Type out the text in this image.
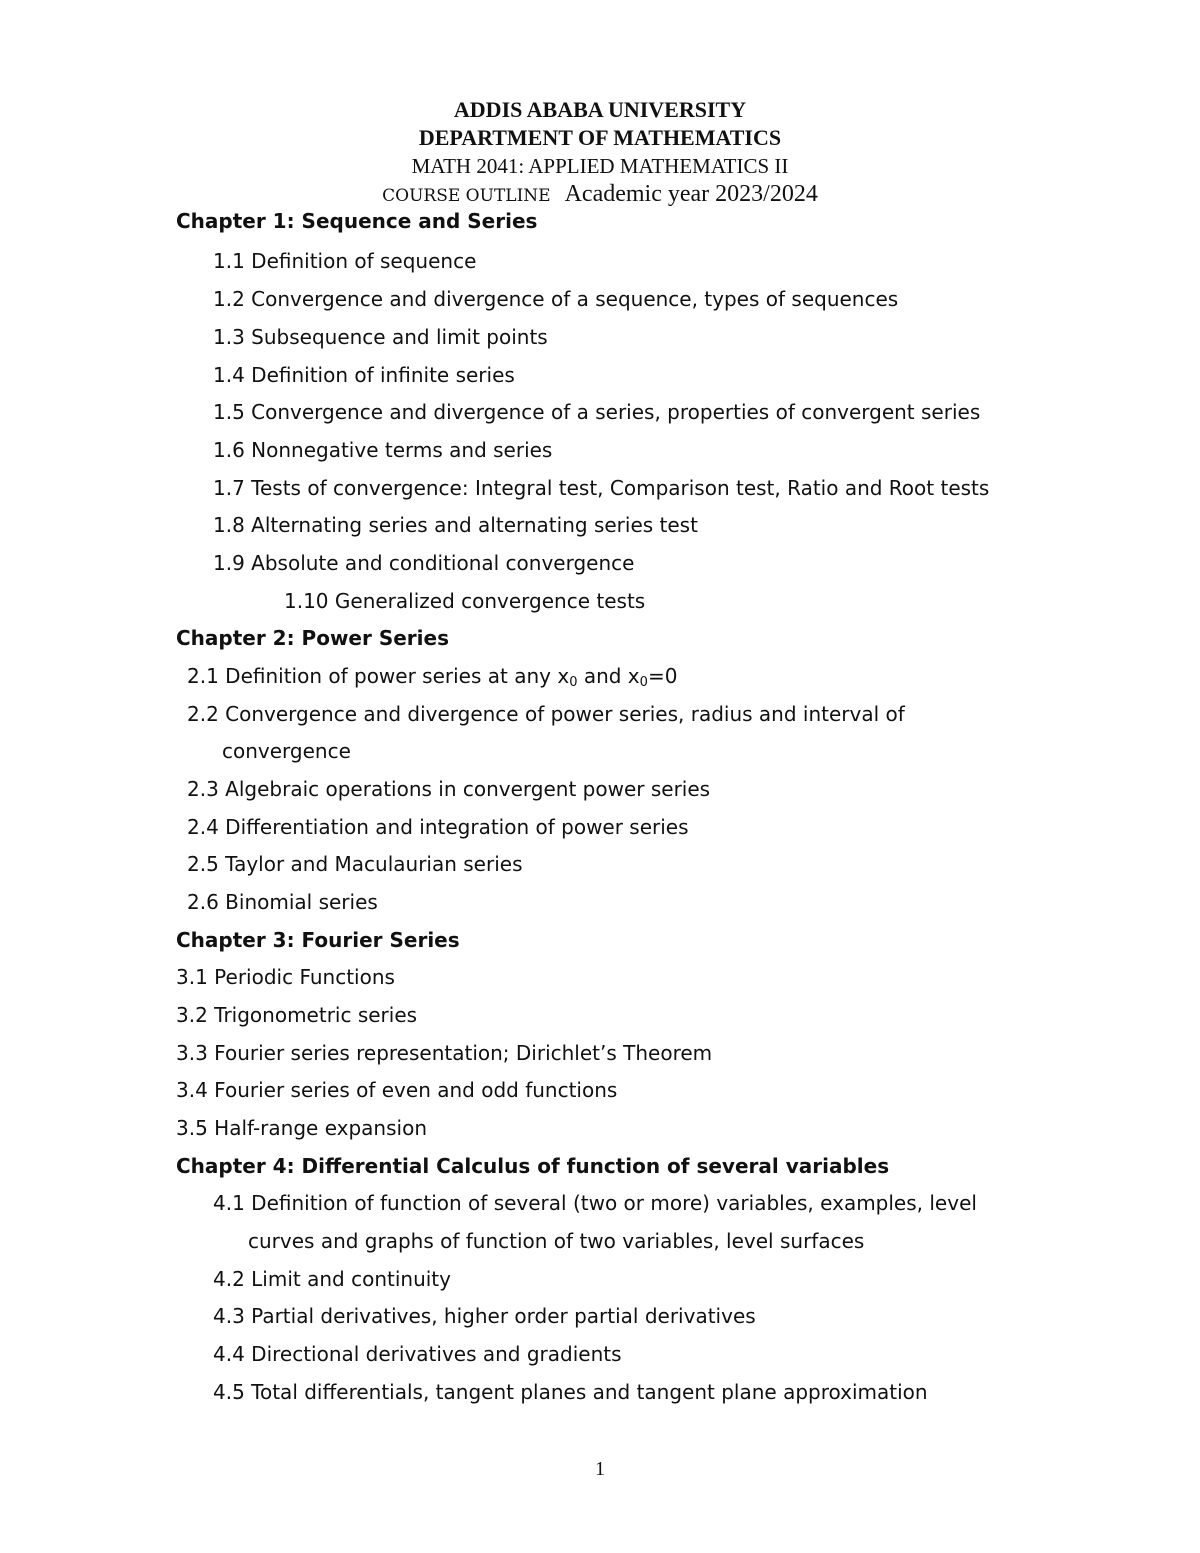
ADDIS ABABA UNIVERSITY
DEPARTMENT OF MATHEMATICS
MATH 2041: APPLIED MATHEMATICS II
COURSE OUTLINE Academic year 2023/2024
Chapter 1: Sequence and Series
1.1 Definition of sequence
1.2 Convergence and divergence of a sequence, types of sequences
1.3 Subsequence and limit points
1.4 Definition of infinite series
1.5 Convergence and divergence of a series, properties of convergent series
1.6 Nonnegative terms and series
1.7 Tests of convergence: Integral test, Comparison test, Ratio and Root tests
1.8 Alternating series and alternating series test
1.9 Absolute and conditional convergence
1.10 Generalized convergence tests
Chapter 2: Power Series
2.1 Definition of power series at any $x_0$ and $x_0=0$
2.2 Convergence and divergence of power series, radius and interval of
convergence
2.3 Algebraic operations in convergent power series
2.4 Differentiation and integration of power series
2.5 Taylor and Maculaurian series
2.6 Binomial series
Chapter 3: Fourier Series
3.1 Periodic Functions
3.2 Trigonometric series
3.3 Fourier series representation; Dirichlet’s Theorem
3.4 Fourier series of even and odd functions
3.5 Half-range expansion
Chapter 4: Differential Calculus of function of several variables
4.1 Definition of function of several (two or more) variables, examples, level
curves and graphs of function of two variables, level surfaces
4.2 Limit and continuity
4.3 Partial derivatives, higher order partial derivatives
4.4 Directional derivatives and gradients
4.5 Total differentials, tangent planes and tangent plane approximation
1
